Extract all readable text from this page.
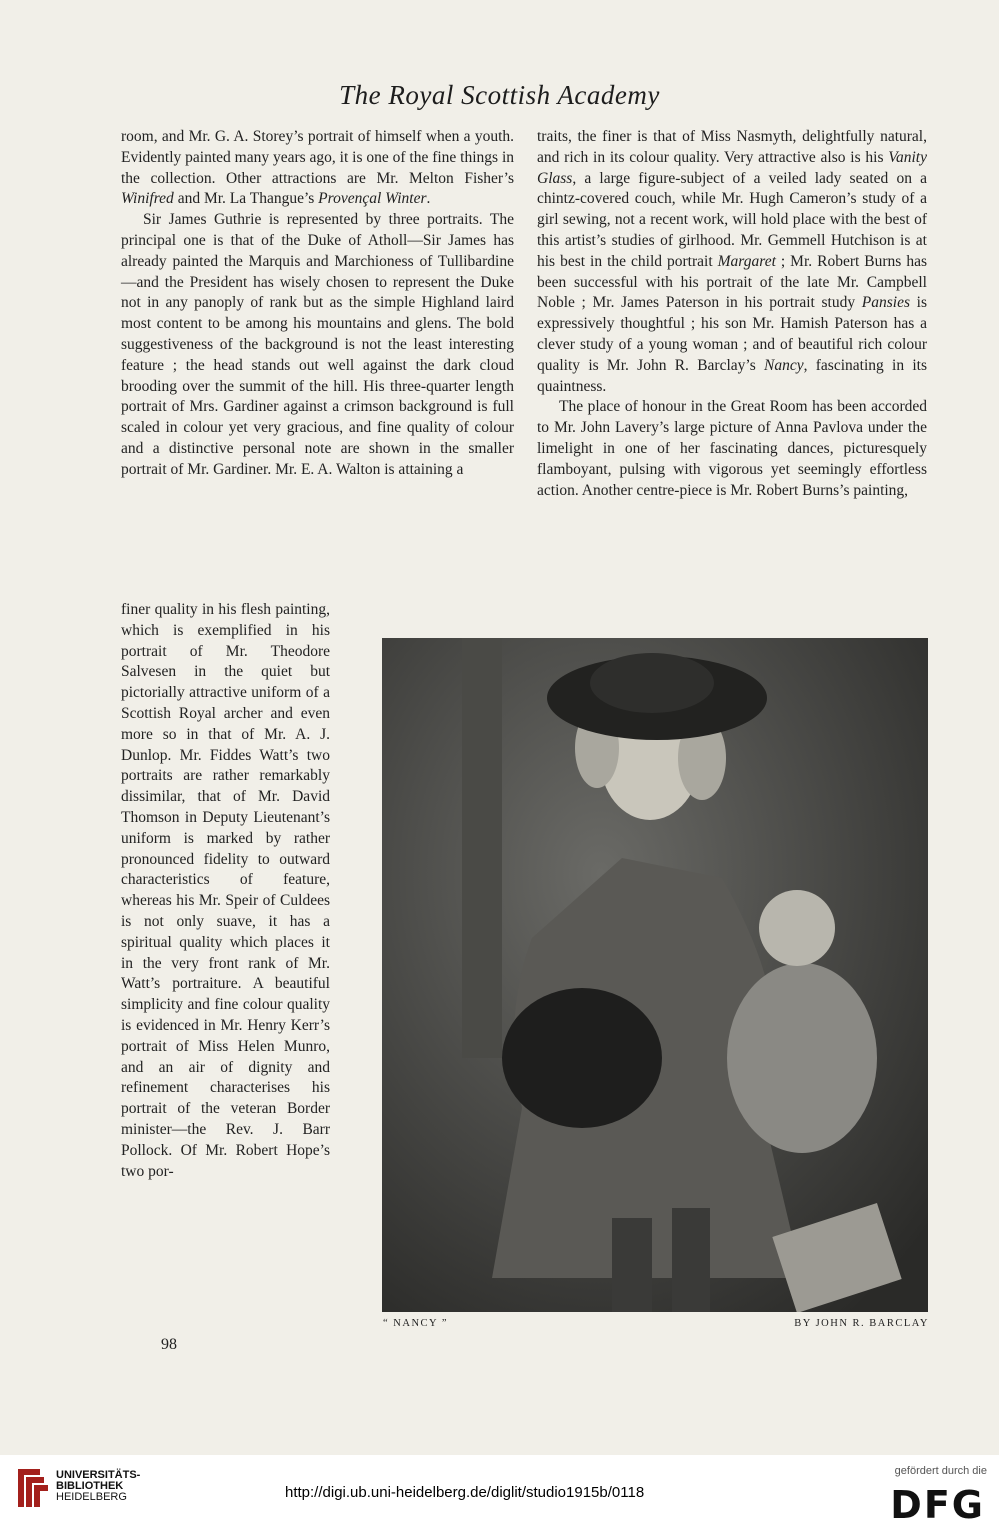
The Royal Scottish Academy

room, and Mr. G. A. Storey’s portrait of himself when a youth. Evidently painted many years ago, it is one of the fine things in the collection. Other attractions are Mr. Melton Fisher’s Winifred and Mr. La Thangue’s Provençal Winter.

Sir James Guthrie is represented by three portraits. The principal one is that of the Duke of Atholl—Sir James has already painted the Marquis and Marchioness of Tullibardine—and the President has wisely chosen to represent the Duke not in any panoply of rank but as the simple Highland laird most content to be among his mountains and glens. The bold suggestiveness of the background is not the least interesting feature ; the head stands out well against the dark cloud brooding over the summit of the hill. His three-quarter length portrait of Mrs. Gardiner against a crimson background is full scaled in colour yet very gracious, and fine quality of colour and a distinctive personal note are shown in the smaller portrait of Mr. Gardiner. Mr. E. A. Walton is attaining a

finer quality in his flesh painting, which is exemplified in his portrait of Mr. Theodore Salvesen in the quiet but pictorially attractive uniform of a Scottish Royal archer and even more so in that of Mr. A. J. Dunlop. Mr. Fiddes Watt’s two portraits are rather remarkably dissimilar, that of Mr. David Thomson in Deputy Lieutenant’s uniform is marked by rather pronounced fidelity to outward characteristics of feature, whereas his Mr. Speir of Culdees is not only suave, it has a spiritual quality which places it in the very front rank of Mr. Watt’s portraiture. A beautiful simplicity and fine colour quality is evidenced in Mr. Henry Kerr’s portrait of Miss Helen Munro, and an air of dignity and refinement characterises his portrait of the veteran Border minister—the Rev. J. Barr Pollock. Of Mr. Robert Hope’s two por-

98

traits, the finer is that of Miss Nasmyth, delightfully natural, and rich in its colour quality. Very attractive also is his Vanity Glass, a large figure-subject of a veiled lady seated on a chintz-covered couch, while Mr. Hugh Cameron’s study of a girl sewing, not a recent work, will hold place with the best of this artist’s studies of girlhood. Mr. Gemmell Hutchison is at his best in the child portrait Margaret ; Mr. Robert Burns has been successful with his portrait of the late Mr. Campbell Noble ; Mr. James Paterson in his portrait study Pansies is expressively thoughtful ; his son Mr. Hamish Paterson has a clever study of a young woman ; and of beautiful rich colour quality is Mr. John R. Barclay’s Nancy, fascinating in its quaintness.

The place of honour in the Great Room has been accorded to Mr. John Lavery’s large picture of Anna Pavlova under the limelight in one of her fascinating dances, picturesquely flamboyant, pulsing with vigorous yet seemingly effortless action. Another centre-piece is Mr. Robert Burns’s painting,

“ NANCY ”	BY JOHN R. BARCLAY
UNIVERSITÄTS-
BIBLIOTHEK
HEIDELBERG	http://digi.ub.uni-heidelberg.de/diglit/studio1915b/0118
gefördert durch die
DFG
